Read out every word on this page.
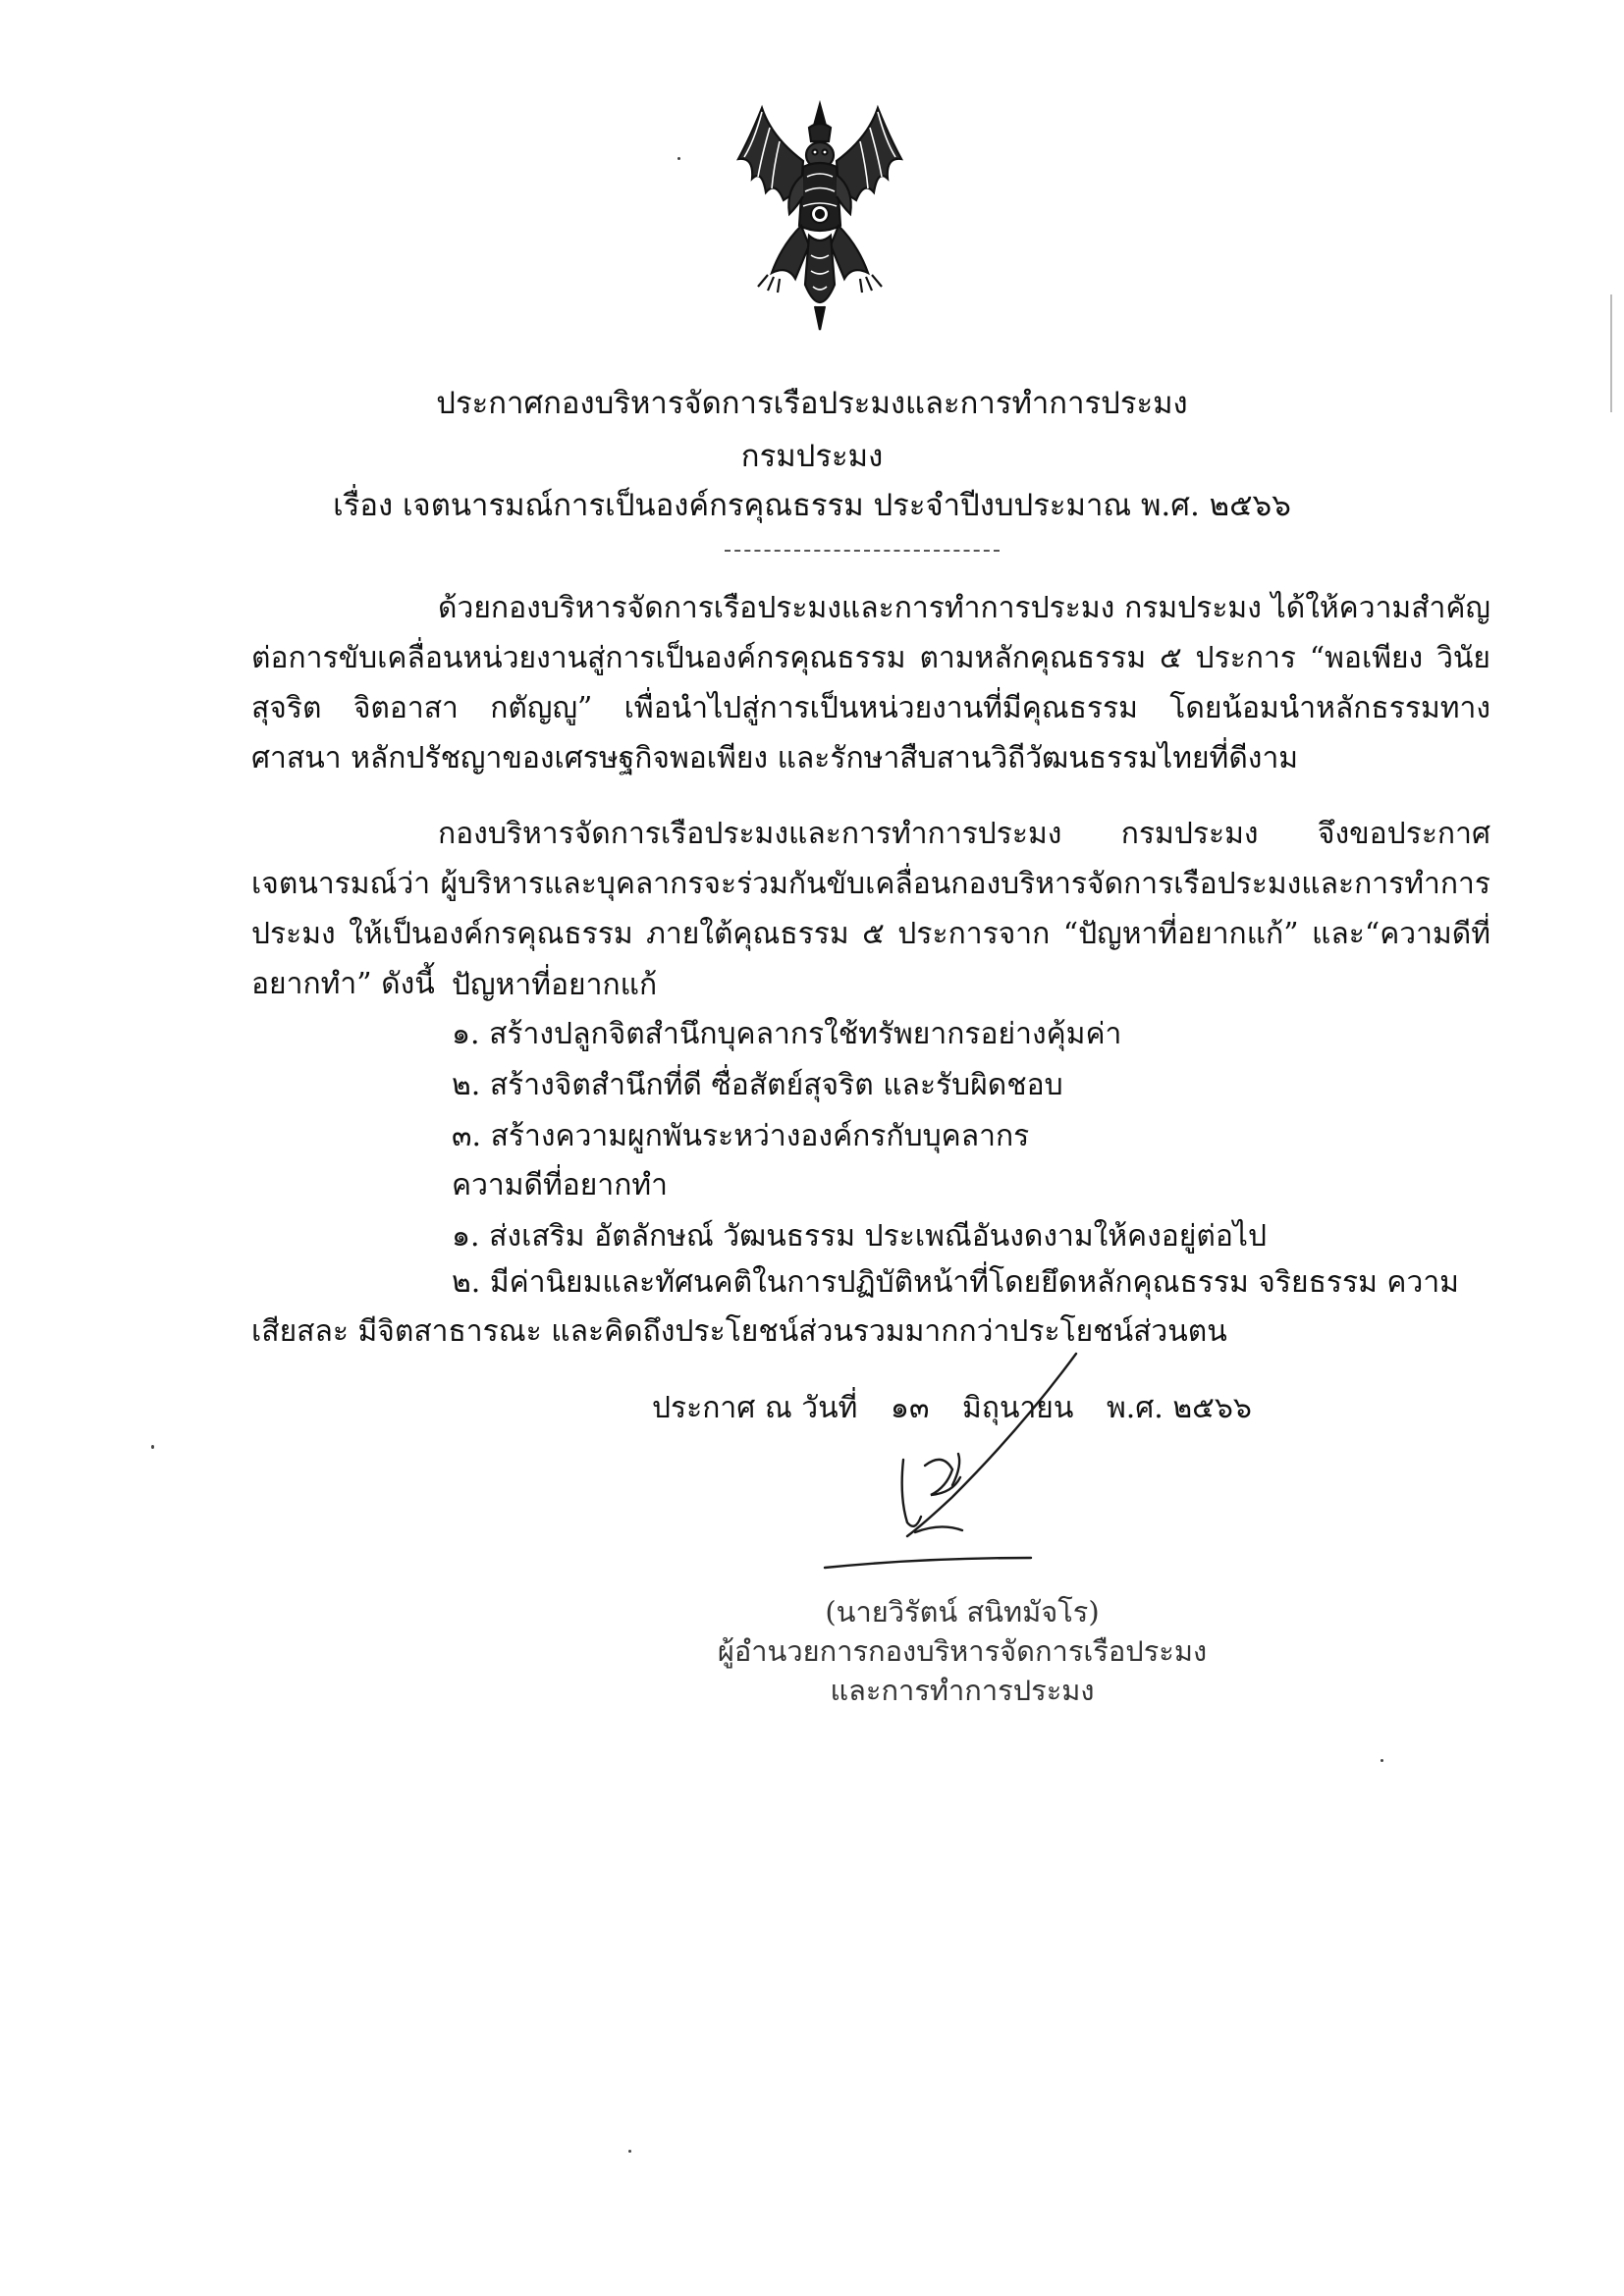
ประกาศกองบริหารจัดการเรือประมงและการทำการประมง
กรมประมง
เรื่อง เจตนารมณ์การเป็นองค์กรคุณธรรม ประจำปีงบประมาณ พ.ศ. ๒๕๖๖
ด้วยกองบริหารจัดการเรือประมงและการทำการประมง กรมประมง ได้ให้ความสำคัญต่อการขับเคลื่อนหน่วยงานสู่การเป็นองค์กรคุณธรรม ตามหลักคุณธรรม ๕ ประการ “พอเพียง วินัย สุจริต จิตอาสา กตัญญู” เพื่อนำไปสู่การเป็นหน่วยงานที่มีคุณธรรม โดยน้อมนำหลักธรรมทางศาสนา หลักปรัชญาของเศรษฐกิจพอเพียง และรักษาสืบสานวิถีวัฒนธรรมไทยที่ดีงาม
กองบริหารจัดการเรือประมงและการทำการประมง กรมประมง จึงขอประกาศเจตนารมณ์ว่า ผู้บริหารและบุคลากรจะร่วมกันขับเคลื่อนกองบริหารจัดการเรือประมงและการทำการประมง ให้เป็นองค์กรคุณธรรม ภายใต้คุณธรรม ๕ ประการจาก “ปัญหาที่อยากแก้” และ“ความดีที่อยากทำ” ดังนี้ ปัญหาที่อยากแก้
๑. สร้างปลูกจิตสำนึกบุคลากรใช้ทรัพยากรอย่างคุ้มค่า
๒. สร้างจิตสำนึกที่ดี ซื่อสัตย์สุจริต และรับผิดชอบ
๓. สร้างความผูกพันระหว่างองค์กรกับบุคลากร
ความดีที่อยากทำ
๑. ส่งเสริม อัตลักษณ์ วัฒนธรรม ประเพณีอันงดงามให้คงอยู่ต่อไป
๒. มีค่านิยมและทัศนคติในการปฏิบัติหน้าที่โดยยึดหลักคุณธรรม จริยธรรม ความเสียสละ มีจิตสาธารณะ และคิดถึงประโยชน์ส่วนรวมมากกว่าประโยชน์ส่วนตน
ประกาศ ณ วันที่ ๑๓ มิถุนายน พ.ศ. ๒๕๖๖
(นายวิรัตน์ สนิทมัจโร)
ผู้อำนวยการกองบริหารจัดการเรือประมง
และการทำการประมง
